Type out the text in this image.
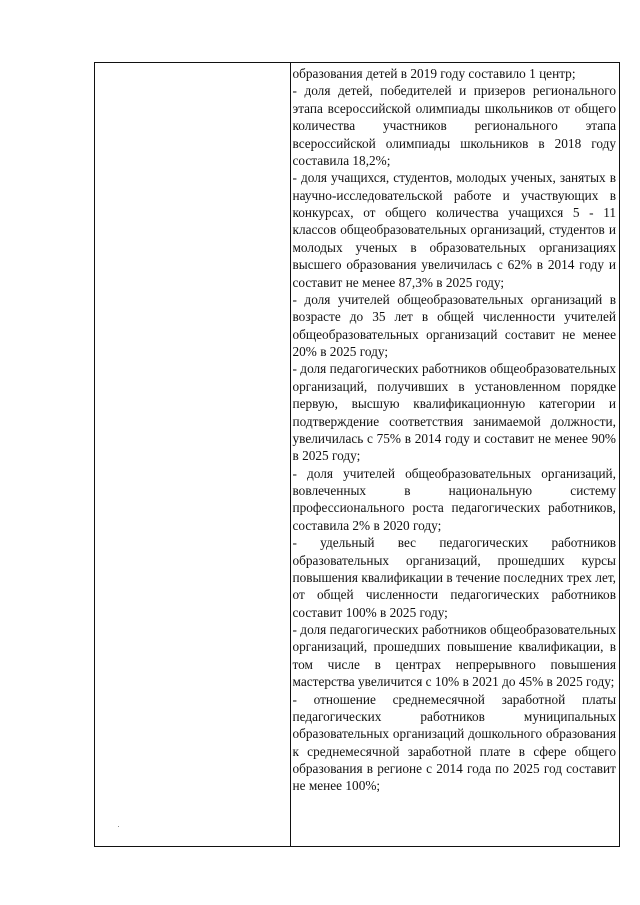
образования детей в 2019 году составило 1 центр;

- доля детей, победителей и призеров регионального этапа всероссийской олимпиады школьников от общего количества участников регионального этапа всероссийской олимпиады школьников в 2018 году составила 18,2%;

- доля учащихся, студентов, молодых ученых, занятых в научно-исследовательской работе и участвующих в конкурсах, от общего количества учащихся 5 - 11 классов общеобразовательных организаций, студентов и молодых ученых в образовательных организациях высшего образования увеличилась с 62% в 2014 году и составит не менее 87,3% в 2025 году;

- доля учителей общеобразовательных организаций в возрасте до 35 лет в общей численности учителей общеобразовательных организаций составит не менее 20% в 2025 году;

- доля педагогических работников общеобразовательных организаций, получивших в установленном порядке первую, высшую квалификационную категории и подтверждение соответствия занимаемой должности, увеличилась с 75% в 2014 году и составит не менее 90% в 2025 году;

- доля учителей общеобразовательных организаций, вовлеченных в национальную систему профессионального роста педагогических работников, составила 2% в 2020 году;

- удельный вес педагогических работников образовательных организаций, прошедших курсы повышения квалификации в течение последних трех лет, от общей численности педагогических работников составит 100% в 2025 году;

- доля педагогических работников общеобразовательных организаций, прошедших повышение квалификации, в том числе в центрах непрерывного повышения мастерства увеличится с 10% в 2021 до 45% в 2025 году;

- отношение среднемесячной заработной платы педагогических работников муниципальных образовательных организаций дошкольного образования к среднемесячной заработной плате в сфере общего образования в регионе с 2014 года по 2025 год составит не менее 100%;
